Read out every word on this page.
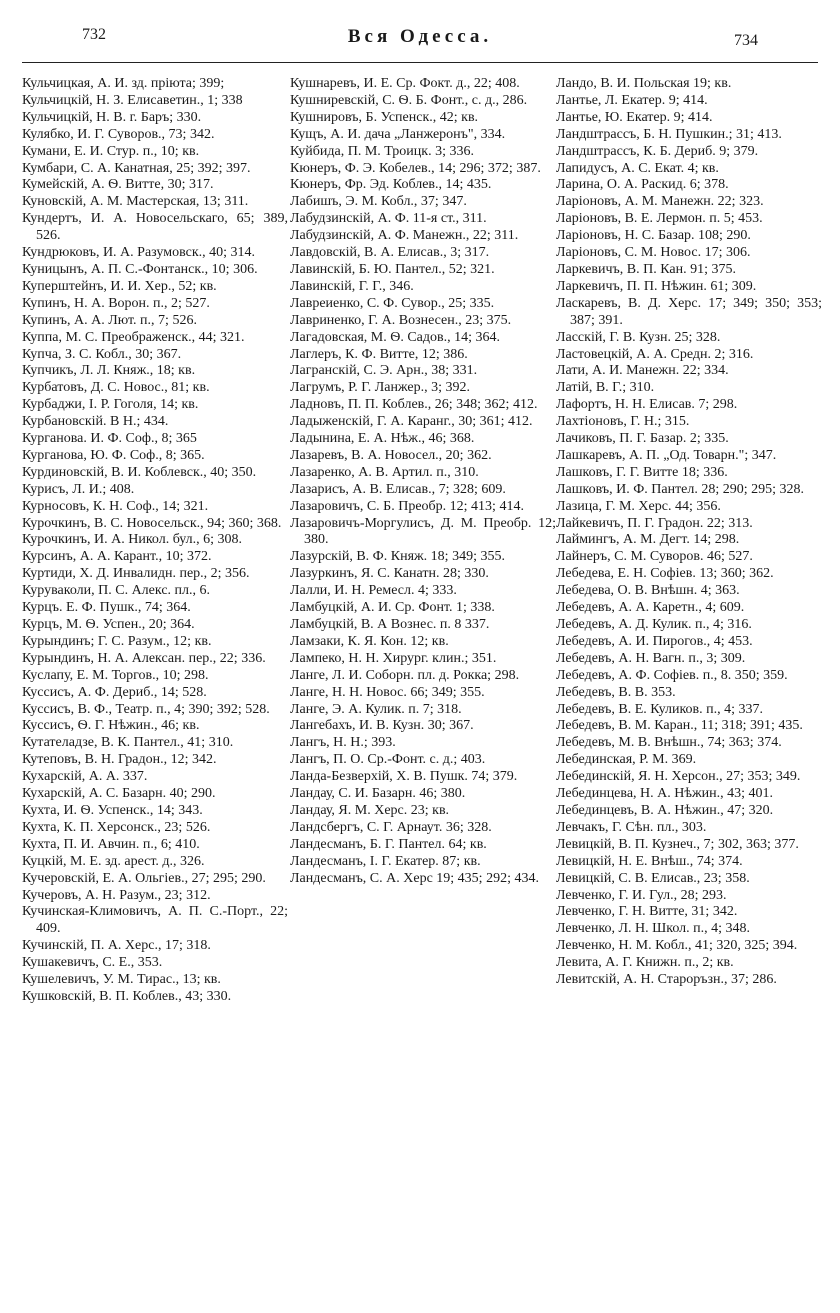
732	Вся Одесса.	734
Кульчицкая, А. И. зд. прiюта; 399;
Кульчицкiй, Н. З. Елисаветин., 1; 338
Кульчицкiй, Н. В. г. Баръ; 330.
Кулябко, И. Г. Суворов., 73; 342.
Кумани, Е. И. Стур. п., 10; кв.
Кумбари, С. А. Канатная, 25; 392; 397.
Кумейскiй, А. Ѳ. Витте, 30; 317.
Куновскiй, А. М. Мастерская, 13; 311.
Кундертъ, И. А. Новосельскаго, 65; 389, 526.
Кундрюковъ, И. А. Разумовск., 40; 314.
Куницынъ, А. П. С.-Фонтанск., 10; 306.
Куперштейнъ, И. И. Хер., 52; кв.
Купинъ, Н. А. Ворон. п., 2; 527.
Купинъ, А. А. Лют. п., 7; 526.
Куппа, М. С. Преображенск., 44; 321.
Купча, З. С. Кобл., 30; 367.
Купчикъ, Л. Л. Княж., 18; кв.
Курбатовъ, Д. С. Новос., 81; кв.
Курбаджи, I. Р. Гоголя, 14; кв.
Курбановскiй. В Н.; 434.
Курганова. И. Ф. Соф., 8; 365
Курганова, Ю. Ф. Соф., 8; 365.
Курдиновскiй, В. И. Коблевск., 40; 350.
Курисъ, Л. И.; 408.
Курносовъ, К. Н. Соф., 14; 321.
Курочкинъ, В. С. Новосельск., 94; 360; 368.
Курочкинъ, И. А. Никол. бул., 6; 308.
Курсинъ, А. А. Карант., 10; 372.
Куртиди, Х. Д. Инвалидн. пер., 2; 356.
Куруваколи, П. С. Алекс. пл., 6.
Курцъ. Е. Ф. Пушк., 74; 364.
Курцъ, М. Ѳ. Успен., 20; 364.
Курындинъ; Г. С. Разум., 12; кв.
Курындинъ, Н. А. Алексан. пер., 22; 336.
Куслапу, Е. М. Торгов., 10; 298.
Куссисъ, А. Ф. Дериб., 14; 528.
Куссисъ, В. Ф., Театр. п., 4; 390; 392; 528.
Куссисъ, Ѳ. Г. Нѣжин., 46; кв.
Кутателадзе, В. К. Пантел., 41; 310.
Кутеповъ, В. Н. Градон., 12; 342.
Кухарскiй, А. А. 337.
Кухарскiй, А. С. Базарн. 40; 290.
Кухта, И. Ѳ. Успенск., 14; 343.
Кухта, К. П. Херсонск., 23; 526.
Кухта, П. И. Авчин. п., 6; 410.
Куцкiй, М. Е. зд. арест. д., 326.
Кучеровскiй, Е. А. Ольгiев., 27; 295; 290.
Кучеровъ, А. Н. Разум., 23; 312.
Кучинская-Климовичъ, А. П. С.-Порт., 22; 409.
Кучинскiй, П. А. Херс., 17; 318.
Кушакевичъ, С. Е., 353.
Кушелевичъ, У. М. Тирас., 13; кв.
Кушковскiй, В. П. Коблев., 43; 330.
Кушнаревъ, И. Е. Ср. Фокт. д., 22; 408.
Кушниревскiй, С. Ѳ. Б. Фонт., с. д., 286.
Кушнировъ, Б. Успенск., 42; кв.
Кущъ, А. И. дача „Ланжеронъ", 334.
Куйбида, П. М. Троицк. 3; 336.
Кюнеръ, Ф. Э. Кобелев., 14; 296; 372; 387.
Кюнеръ, Фр. Эд. Коблев., 14; 435.
Лабишъ, Э. М. Кобл., 37; 347.
Лабудзинскiй, А. Ф. 11-я ст., 311.
Лабудзинскiй, А. Ф. Манежн., 22; 311.
Лавдовскiй, В. А. Елисав., 3; 317.
Лавинскiй, Б. Ю. Пантел., 52; 321.
Лавинскiй, Г. Г., 346.
Лавреиенко, С. Ф. Сувор., 25; 335.
Лавриненко, Г. А. Вознесен., 23; 375.
Лагадовская, М. Ѳ. Садов., 14; 364.
Лаглеръ, К. Ф. Витте, 12; 386.
Лагранскiй, С. Э. Арн., 38; 331.
Лагрумъ, Р. Г. Ланжер., 3; 392.
Ладновъ, П. П. Коблев., 26; 348; 362; 412.
Ладыженскiй, Г. А. Каранг., 30; 361; 412.
Ладынина, Е. А. Нѣж., 46; 368.
Лазаревъ, В. А. Новосел., 20; 362.
Лазаренко, А. В. Артил. п., 310.
Лазарисъ, А. В. Елисав., 7; 328; 609.
Лазаровичъ, С. Б. Преобр. 12; 413; 414.
Лазаровичъ-Моргулисъ, Д. М. Преобр. 12; 380.
Лазурскiй, В. Ф. Княж. 18; 349; 355.
Лазуркинъ, Я. С. Канатн. 28; 330.
Лалли, И. Н. Ремесл. 4; 333.
Ламбуцкiй, А. И. Ср. Фонт. 1; 338.
Ламбуцкiй, В. А Вознес. п. 8 337.
Ламзаки, К. Я. Кон. 12; кв.
Лампеко, Н. Н. Хирург. клин.; 351.
Ланге, Л. И. Соборн. пл. д. Рокка; 298.
Ланге, Н. Н. Новос. 66; 349; 355.
Ланге, Э. А. Кулик. п. 7; 318.
Лангебахъ, И. В. Кузн. 30; 367.
Лангъ, Н. Н.; 393.
Лангъ, П. О. Ср.-Фонт. с. д.; 403.
Ланда-Безверхiй, Х. В. Пушк. 74; 379.
Ландау, С. И. Базарн. 46; 380.
Ландау, Я. М. Херс. 23; кв.
Ландсбергъ, С. Г. Арнаут. 36; 328.
Ландесманъ, Б. Г. Пантел. 64; кв.
Ландесманъ, I. Г. Екатер. 87; кв.
Ландесманъ, С. А. Херс 19; 435; 292; 434.
Ландо, В. И. Польская 19; кв.
Лантье, Л. Екатер. 9; 414.
Лантье, Ю. Екатер. 9; 414.
Ландштрассъ, Б. Н. Пушкин.; 31; 413.
Ландштрассъ, К. Б. Дериб. 9; 379.
Лапидусъ, А. С. Екат. 4; кв.
Ларина, О. А. Раскид. 6; 378.
Ларiоновъ, А. М. Манежн. 22; 323.
Ларiоновъ, В. Е. Лермон. п. 5; 453.
Ларiоновъ, Н. С. Базар. 108; 290.
Ларiоновъ, С. М. Новос. 17; 306.
Ларкевичъ, В. П. Кан. 91; 375.
Ларкевичъ, П. П. Нѣжин. 61; 309.
Ласкаревъ, В. Д. Херс. 17; 349; 350; 353; 387; 391.
Ласскiй, Г. В. Кузн. 25; 328.
Ластовецкiй, А. А. Средн. 2; 316.
Лати, А. И. Манежн. 22; 334.
Латiй, В. Г.; 310.
Лафортъ, Н. Н. Елисав. 7; 298.
Лахтiоновъ, Г. Н.; 315.
Лачиковъ, П. Г. Базар. 2; 335.
Лашкаревъ, А. П. „Од. Товарн."; 347.
Лашковъ, Г. Г. Витте 18; 336.
Лашковъ, И. Ф. Пантел. 28; 290; 295; 328.
Лазица, Г. М. Херс. 44; 356.
Лайкевичъ, П. Г. Градон. 22; 313.
Лаймингъ, А. М. Дегт. 14; 298.
Лайнеръ, С. М. Суворов. 46; 527.
Лебедева, Е. Н. Софiев. 13; 360; 362.
Лебедева, О. В. Внѣшн. 4; 363.
Лебедевъ, А. А. Каретн., 4; 609.
Лебедевъ, А. Д. Кулик. п., 4; 316.
Лебедевъ, А. И. Пирогов., 4; 453.
Лебедевъ, А. Н. Вагн. п., 3; 309.
Лебедевъ, А. Ф. Софiев. п., 8. 350; 359.
Лебедевъ, В. В. 353.
Лебедевъ, В. Е. Куликов. п., 4; 337.
Лебедевъ, В. М. Каран., 11; 318; 391; 435.
Лебедевъ, М. В. Внѣшн., 74; 363; 374.
Лебединская, Р. М. 369.
Лебединскiй, Я. Н. Херсон., 27; 353; 349.
Лебединцева, Н. А. Нѣжин., 43; 401.
Лебединцевъ, В. А. Нѣжин., 47; 320.
Левчакъ, Г. Сѣн. пл., 303.
Левицкiй, В. П. Кузнеч., 7; 302, 363; 377.
Левицкiй, Н. Е. Внѣш., 74; 374.
Левицкiй, С. В. Елисав., 23; 358.
Левченко, Г. И. Гул., 28; 293.
Левченко, Г. Н. Витте, 31; 342.
Левченко, Л. Н. Школ. п., 4; 348.
Левченко, Н. М. Кобл., 41; 320, 325; 394.
Левита, А. Г. Книжн. п., 2; кв.
Левитскiй, А. Н. Староръзн., 37; 286.
